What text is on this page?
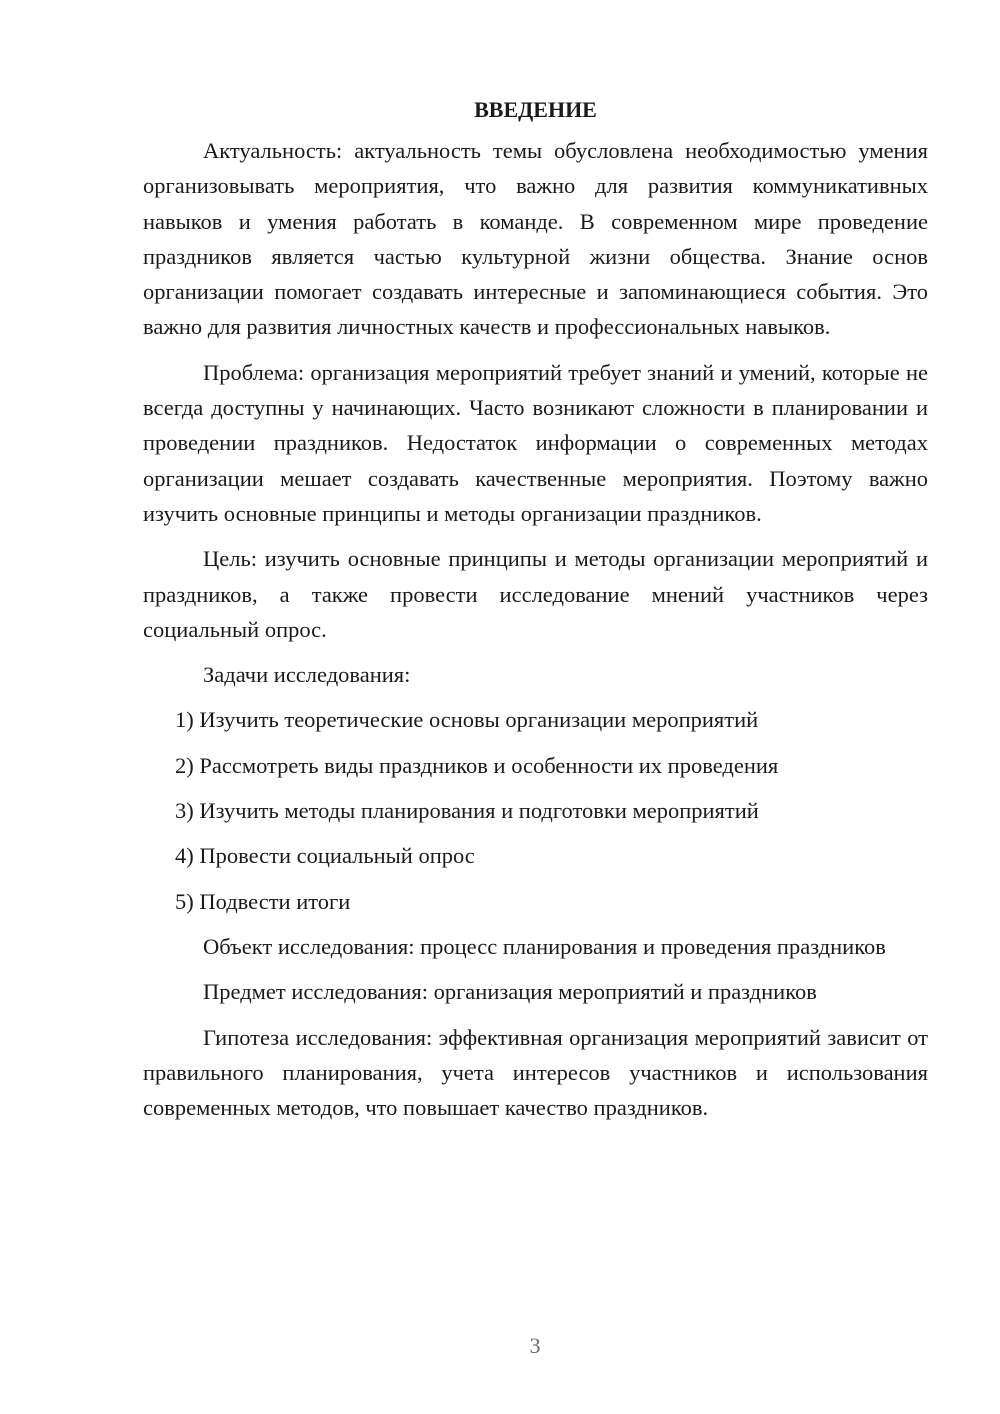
ВВЕДЕНИЕ

Актуальность: актуальность темы обусловлена необходимостью умения организовывать мероприятия, что важно для развития коммуникативных навыков и умения работать в команде. В современном мире проведение праздников является частью культурной жизни общества. Знание основ организации помогает создавать интересные и запоминающиеся события. Это важно для развития личностных качеств и профессиональных навыков.

Проблема: организация мероприятий требует знаний и умений, которые не всегда доступны у начинающих. Часто возникают сложности в планировании и проведении праздников. Недостаток информации о современных методах организации мешает создавать качественные мероприятия. Поэтому важно изучить основные принципы и методы организации праздников.

Цель: изучить основные принципы и методы организации мероприятий и праздников, а также провести исследование мнений участников через социальный опрос.

Задачи исследования:

1) Изучить теоретические основы организации мероприятий
2) Рассмотреть виды праздников и особенности их проведения
3) Изучить методы планирования и подготовки мероприятий
4) Провести социальный опрос
5) Подвести итоги

Объект исследования: процесс планирования и проведения праздников

Предмет исследования: организация мероприятий и праздников

Гипотеза исследования: эффективная организация мероприятий зависит от правильного планирования, учета интересов участников и использования современных методов, что повышает качество праздников.

3
